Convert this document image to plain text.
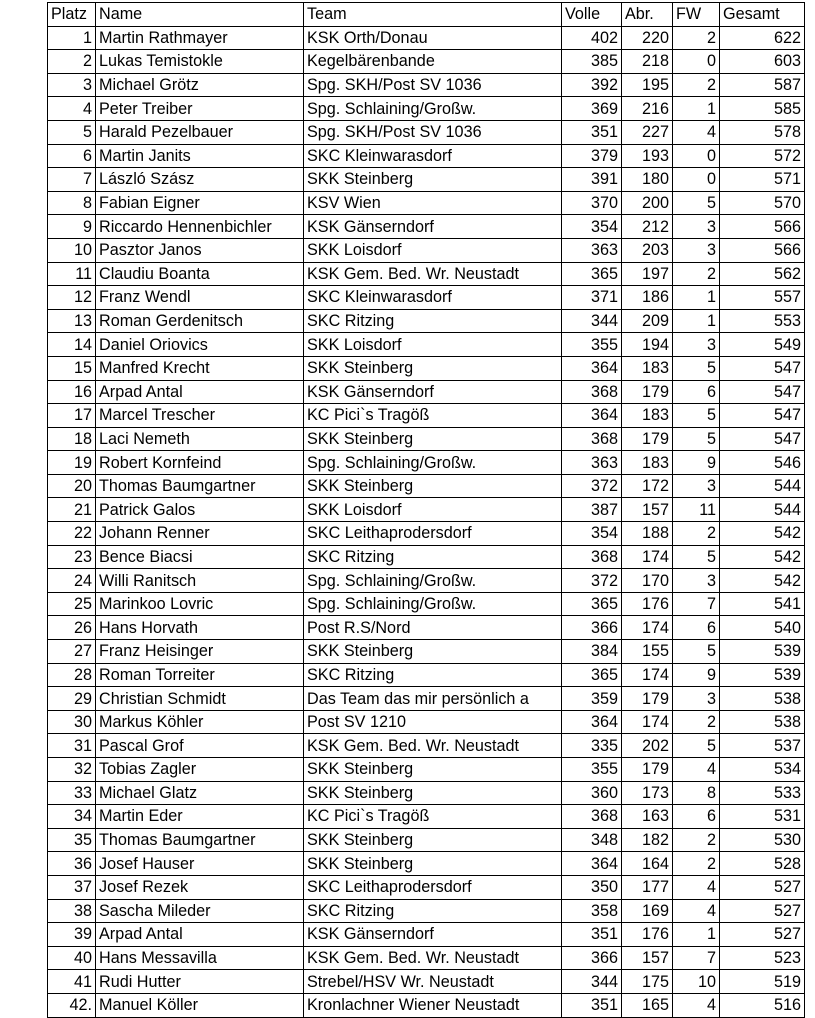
Platz	Name	Team	Volle	Abr.	FW	Gesamt
1	Martin Rathmayer	KSK Orth/Donau	402	220	2	622
2	Lukas Temistokle	Kegelbärenbande	385	218	0	603
3	Michael Grötz	Spg. SKH/Post SV 1036	392	195	2	587
4	Peter Treiber	Spg. Schlaining/Großw.	369	216	1	585
5	Harald Pezelbauer	Spg. SKH/Post SV 1036	351	227	4	578
6	Martin Janits	SKC Kleinwarasdorf	379	193	0	572
7	László Szász	SKK Steinberg	391	180	0	571
8	Fabian Eigner	KSV Wien	370	200	5	570
9	Riccardo Hennenbichler	KSK Gänserndorf	354	212	3	566
10	Pasztor Janos	SKK Loisdorf	363	203	3	566
11	Claudiu Boanta	KSK Gem. Bed. Wr. Neustadt	365	197	2	562
12	Franz Wendl	SKC Kleinwarasdorf	371	186	1	557
13	Roman Gerdenitsch	SKC Ritzing	344	209	1	553
14	Daniel Oriovics	SKK Loisdorf	355	194	3	549
15	Manfred Krecht	SKK Steinberg	364	183	5	547
16	Arpad Antal	KSK Gänserndorf	368	179	6	547
17	Marcel Trescher	KC Pici`s Tragöß	364	183	5	547
18	Laci Nemeth	SKK Steinberg	368	179	5	547
19	Robert Kornfeind	Spg. Schlaining/Großw.	363	183	9	546
20	Thomas Baumgartner	SKK Steinberg	372	172	3	544
21	Patrick Galos	SKK Loisdorf	387	157	11	544
22	Johann Renner	SKC Leithaprodersdorf	354	188	2	542
23	Bence Biacsi	SKC Ritzing	368	174	5	542
24	Willi Ranitsch	Spg. Schlaining/Großw.	372	170	3	542
25	Marinkoo Lovric	Spg. Schlaining/Großw.	365	176	7	541
26	Hans Horvath	Post R.S/Nord	366	174	6	540
27	Franz Heisinger	SKK Steinberg	384	155	5	539
28	Roman Torreiter	SKC Ritzing	365	174	9	539
29	Christian Schmidt	Das Team das mir persönlich a	359	179	3	538
30	Markus Köhler	Post SV 1210	364	174	2	538
31	Pascal Grof	KSK Gem. Bed. Wr. Neustadt	335	202	5	537
32	Tobias Zagler	SKK Steinberg	355	179	4	534
33	Michael Glatz	SKK Steinberg	360	173	8	533
34	Martin Eder	KC Pici`s Tragöß	368	163	6	531
35	Thomas Baumgartner	SKK Steinberg	348	182	2	530
36	Josef Hauser	SKK Steinberg	364	164	2	528
37	Josef Rezek	SKC Leithaprodersdorf	350	177	4	527
38	Sascha Mileder	SKC Ritzing	358	169	4	527
39	Arpad Antal	KSK Gänserndorf	351	176	1	527
40	Hans Messavilla	KSK Gem. Bed. Wr. Neustadt	366	157	7	523
41	Rudi Hutter	Strebel/HSV Wr. Neustadt	344	175	10	519
42.	Manuel Köller	Kronlachner Wiener Neustadt	351	165	4	516
